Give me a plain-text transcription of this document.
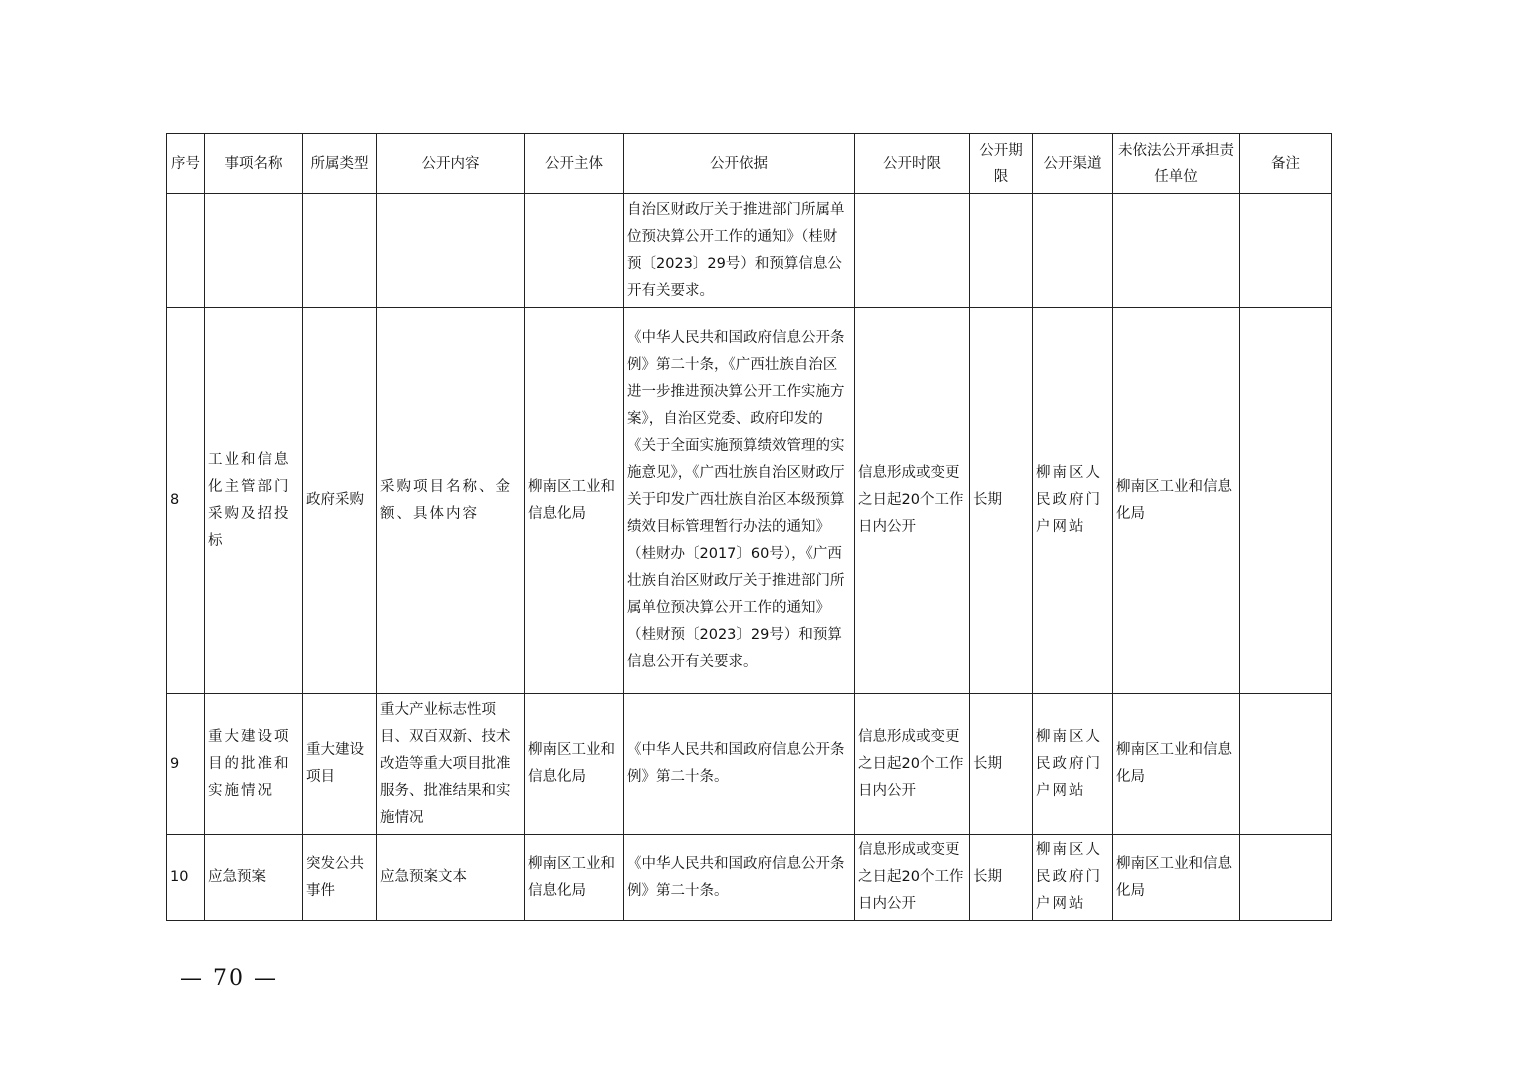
序号	事项名称	所属类型	公开内容	公开主体	公开依据	公开时限	公开期限	公开渠道	未依法公开承担责任单位	备注
					自治区财政厅关于推进部门所属单位预决算公开工作的通知》（桂财预〔2023〕29号）和预算信息公开有关要求。					
8	工业和信息化主管部门采购及招投标	政府采购	采购项目名称、金额、具体内容	柳南区工业和信息化局	《中华人民共和国政府信息公开条例》第二十条，《广西壮族自治区进一步推进预决算公开工作实施方案》，自治区党委、政府印发的《关于全面实施预算绩效管理的实施意见》，《广西壮族自治区财政厅关于印发广西壮族自治区本级预算绩效目标管理暂行办法的通知》（桂财办〔2017〕60号），《广西壮族自治区财政厅关于推进部门所属单位预决算公开工作的通知》（桂财预〔2023〕29号）和预算信息公开有关要求。	信息形成或变更之日起20个工作日内公开	长期	柳南区人民政府门户网站	柳南区工业和信息化局	
9	重大建设项目的批准和实施情况	重大建设项目	重大产业标志性项目、双百双新、技术改造等重大项目批准服务、批准结果和实施情况	柳南区工业和信息化局	《中华人民共和国政府信息公开条例》第二十条。	信息形成或变更之日起20个工作日内公开	长期	柳南区人民政府门户网站	柳南区工业和信息化局	
10	应急预案	突发公共事件	应急预案文本	柳南区工业和信息化局	《中华人民共和国政府信息公开条例》第二十条。	信息形成或变更之日起20个工作日内公开	长期	柳南区人民政府门户网站	柳南区工业和信息化局	
— 70 —
